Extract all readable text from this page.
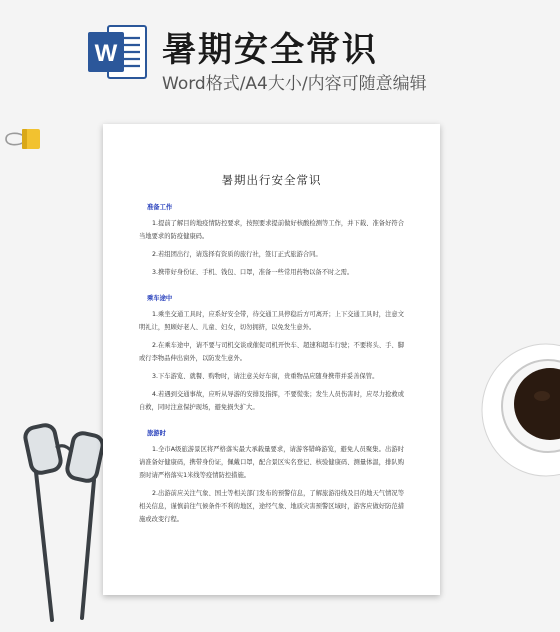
W 暑期安全常识
Word格式/A4大小/内容可随意编辑
暑期出行安全常识
准备工作
1.提前了解目的地疫情防控要求，按照要求提前做好核酸检测等工作，并下载、准备好符合当地要求的防疫健康码。
2.若组团出行，请选择有资质的旅行社，签订正式旅游合同。
3.携带好身份证、手机、钱包、口罩，准备一些常用药物以备不时之需。
乘车途中
1.乘坐交通工具时，应系好安全带，待交通工具停稳后方可离开；上下交通工具时，注意文明礼让，照顾好老人、儿童、妇女，切勿拥挤，以免发生意外。
2.在乘车途中，请不要与司机交谈或催促司机开快车、超速和超车行驶；不要将头、手、脚或行李物品伸出窗外，以防发生意外。
3.下车游览、就餐、购物时，请注意关好车窗，贵重物品应随身携带并妥善保管。
4.若遇到交通事故，应听从导游的安排及指挥，不要慌张；发生人员伤害时，应尽力抢救或自救，同时注意保护现场，避免损失扩大。
旅游时
1.全市A级旅游景区将严格落实最大承载量要求，请游客错峰游览，避免人员聚集。出游时请准备好健康码，携带身份证，佩戴口罩，配合景区实名登记、核验健康码、测量体温，排队购票时请严格落实1米线等疫情防控措施。
2.出游前应关注气象、国土等相关部门发布的预警信息，了解旅游沿线及目的地天气情况等相关信息，谨慎前往气候条件不利的地区，途经气象、地质灾害预警区域时，游客应做好防范措施或改变行程。
